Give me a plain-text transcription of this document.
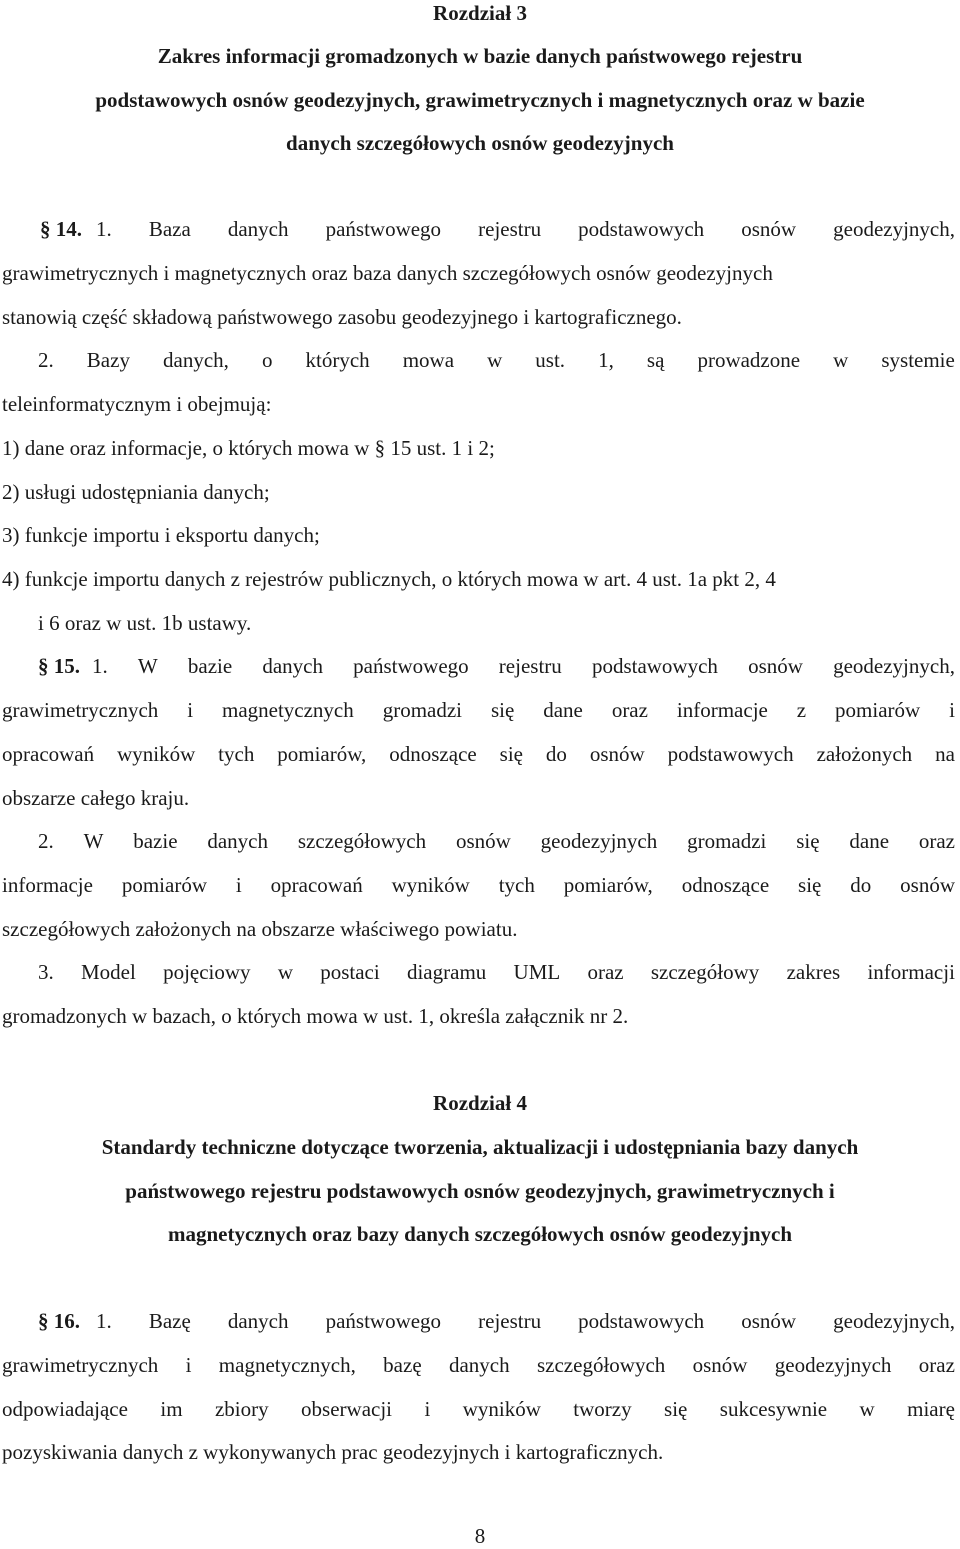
Rozdział 3

Zakres informacji gromadzonych w bazie danych państwowego rejestru

podstawowych osnów geodezyjnych, grawimetrycznych i magnetycznych oraz w bazie

danych szczegółowych osnów geodezyjnych

§ 14. 1. Baza danych państwowego rejestru podstawowych osnów geodezyjnych,

grawimetrycznych i magnetycznych oraz baza danych szczegółowych osnów geodezyjnych

stanowią część składową państwowego zasobu geodezyjnego i kartograficznego.

2. Bazy danych, o których mowa w ust. 1, są prowadzone w systemie

teleinformatycznym i obejmują:

1) dane oraz informacje, o których mowa w § 15 ust. 1 i 2;

2) usługi udostępniania danych;

3) funkcje importu i eksportu danych;

4) funkcje importu danych z rejestrów publicznych, o których mowa w art. 4 ust. 1a pkt 2, 4

i 6 oraz w ust. 1b ustawy.

§ 15. 1. W bazie danych państwowego rejestru podstawowych osnów geodezyjnych,
grawimetrycznych i magnetycznych gromadzi się dane oraz informacje z pomiarów i
opracowań wyników tych pomiarów, odnoszące się do osnów podstawowych założonych na

obszarze całego kraju.

2. W bazie danych szczegółowych osnów geodezyjnych gromadzi się dane oraz
informacje pomiarów i opracowań wyników tych pomiarów, odnoszące się do osnów

szczegółowych założonych na obszarze właściwego powiatu.

3. Model pojęciowy w postaci diagramu UML oraz szczegółowy zakres informacji

gromadzonych w bazach, o których mowa w ust. 1, określa załącznik nr 2.

Rozdział 4

Standardy techniczne dotyczące tworzenia, aktualizacji i udostępniania bazy danych

państwowego rejestru podstawowych osnów geodezyjnych, grawimetrycznych i

magnetycznych oraz bazy danych szczegółowych osnów geodezyjnych

§ 16. 1. Bazę danych państwowego rejestru podstawowych osnów geodezyjnych,
grawimetrycznych i magnetycznych, bazę danych szczegółowych osnów geodezyjnych oraz
odpowiadające im zbiory obserwacji i wyników tworzy się sukcesywnie w miarę

pozyskiwania danych z wykonywanych prac geodezyjnych i kartograficznych.

8
